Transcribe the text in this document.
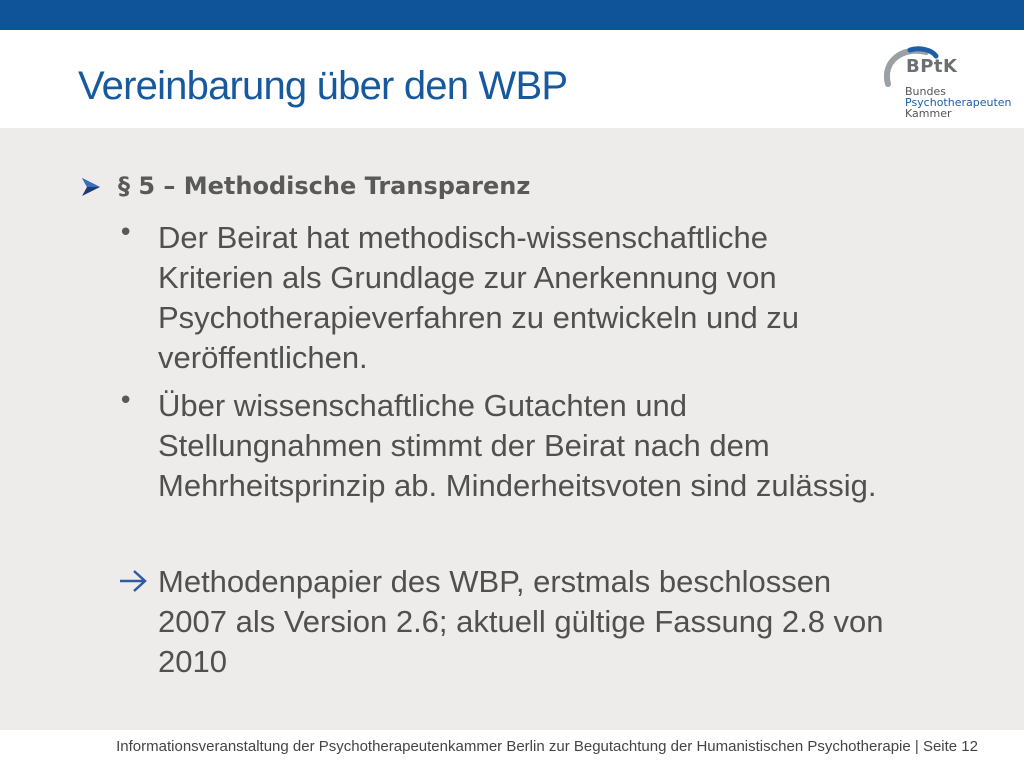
Vereinbarung über den WBP	BPtK
Bundes
Psychotherapeuten
Kammer
§ 5 – Methodische Transparenz
• Der Beirat hat methodisch-wissenschaftliche
Kriterien als Grundlage zur Anerkennung von
Psychotherapieverfahren zu entwickeln und zu
veröffentlichen.
• Über wissenschaftliche Gutachten und
Stellungnahmen stimmt der Beirat nach dem
Mehrheitsprinzip ab. Minderheitsvoten sind zulässig.
Methodenpapier des WBP, erstmals beschlossen
2007 als Version 2.6; aktuell gültige Fassung 2.8 von
2010
Informationsveranstaltung der Psychotherapeutenkammer Berlin zur Begutachtung der Humanistischen Psychotherapie | Seite 12
